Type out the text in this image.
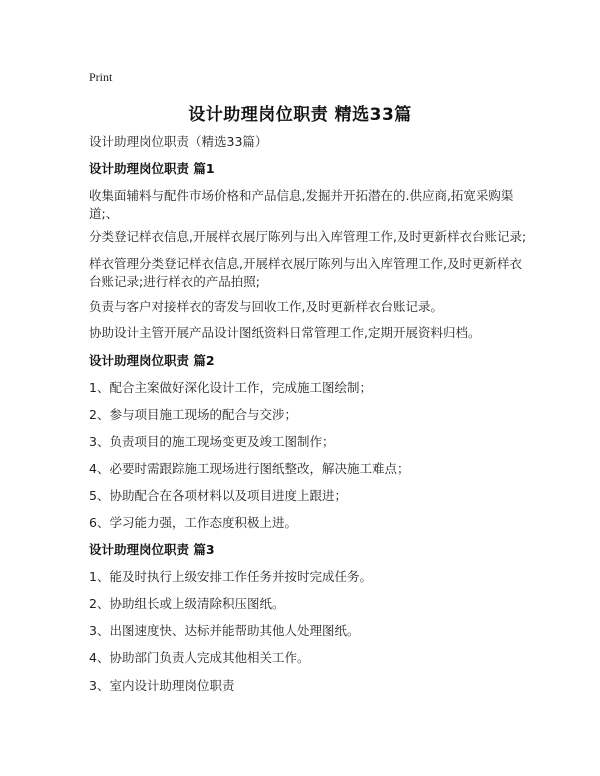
Print
设计助理岗位职责 精选33篇
设计助理岗位职责（精选33篇）
设计助理岗位职责 篇1
收集面辅料与配件市场价格和产品信息,发掘并开拓潜在的.供应商,拓宽采购渠道;、
分类登记样衣信息,开展样衣展厅陈列与出入库管理工作,及时更新样衣台账记录;
样衣管理分类登记样衣信息,开展样衣展厅陈列与出入库管理工作,及时更新样衣台账记录;进行样衣的产品拍照;
负责与客户对接样衣的寄发与回收工作,及时更新样衣台账记录。
协助设计主管开展产品设计图纸资料日常管理工作,定期开展资料归档。
设计助理岗位职责 篇2
1、配合主案做好深化设计工作，完成施工图绘制；
2、参与项目施工现场的配合与交涉；
3、负责项目的施工现场变更及竣工图制作；
4、必要时需跟踪施工现场进行图纸整改，解决施工难点；
5、协助配合在各项材料以及项目进度上跟进；
6、学习能力强，工作态度积极上进。
设计助理岗位职责 篇3
1、能及时执行上级安排工作任务并按时完成任务。
2、协助组长或上级清除积压图纸。
3、出图速度快、达标并能帮助其他人处理图纸。
4、协助部门负责人完成其他相关工作。
3、室内设计助理岗位职责
